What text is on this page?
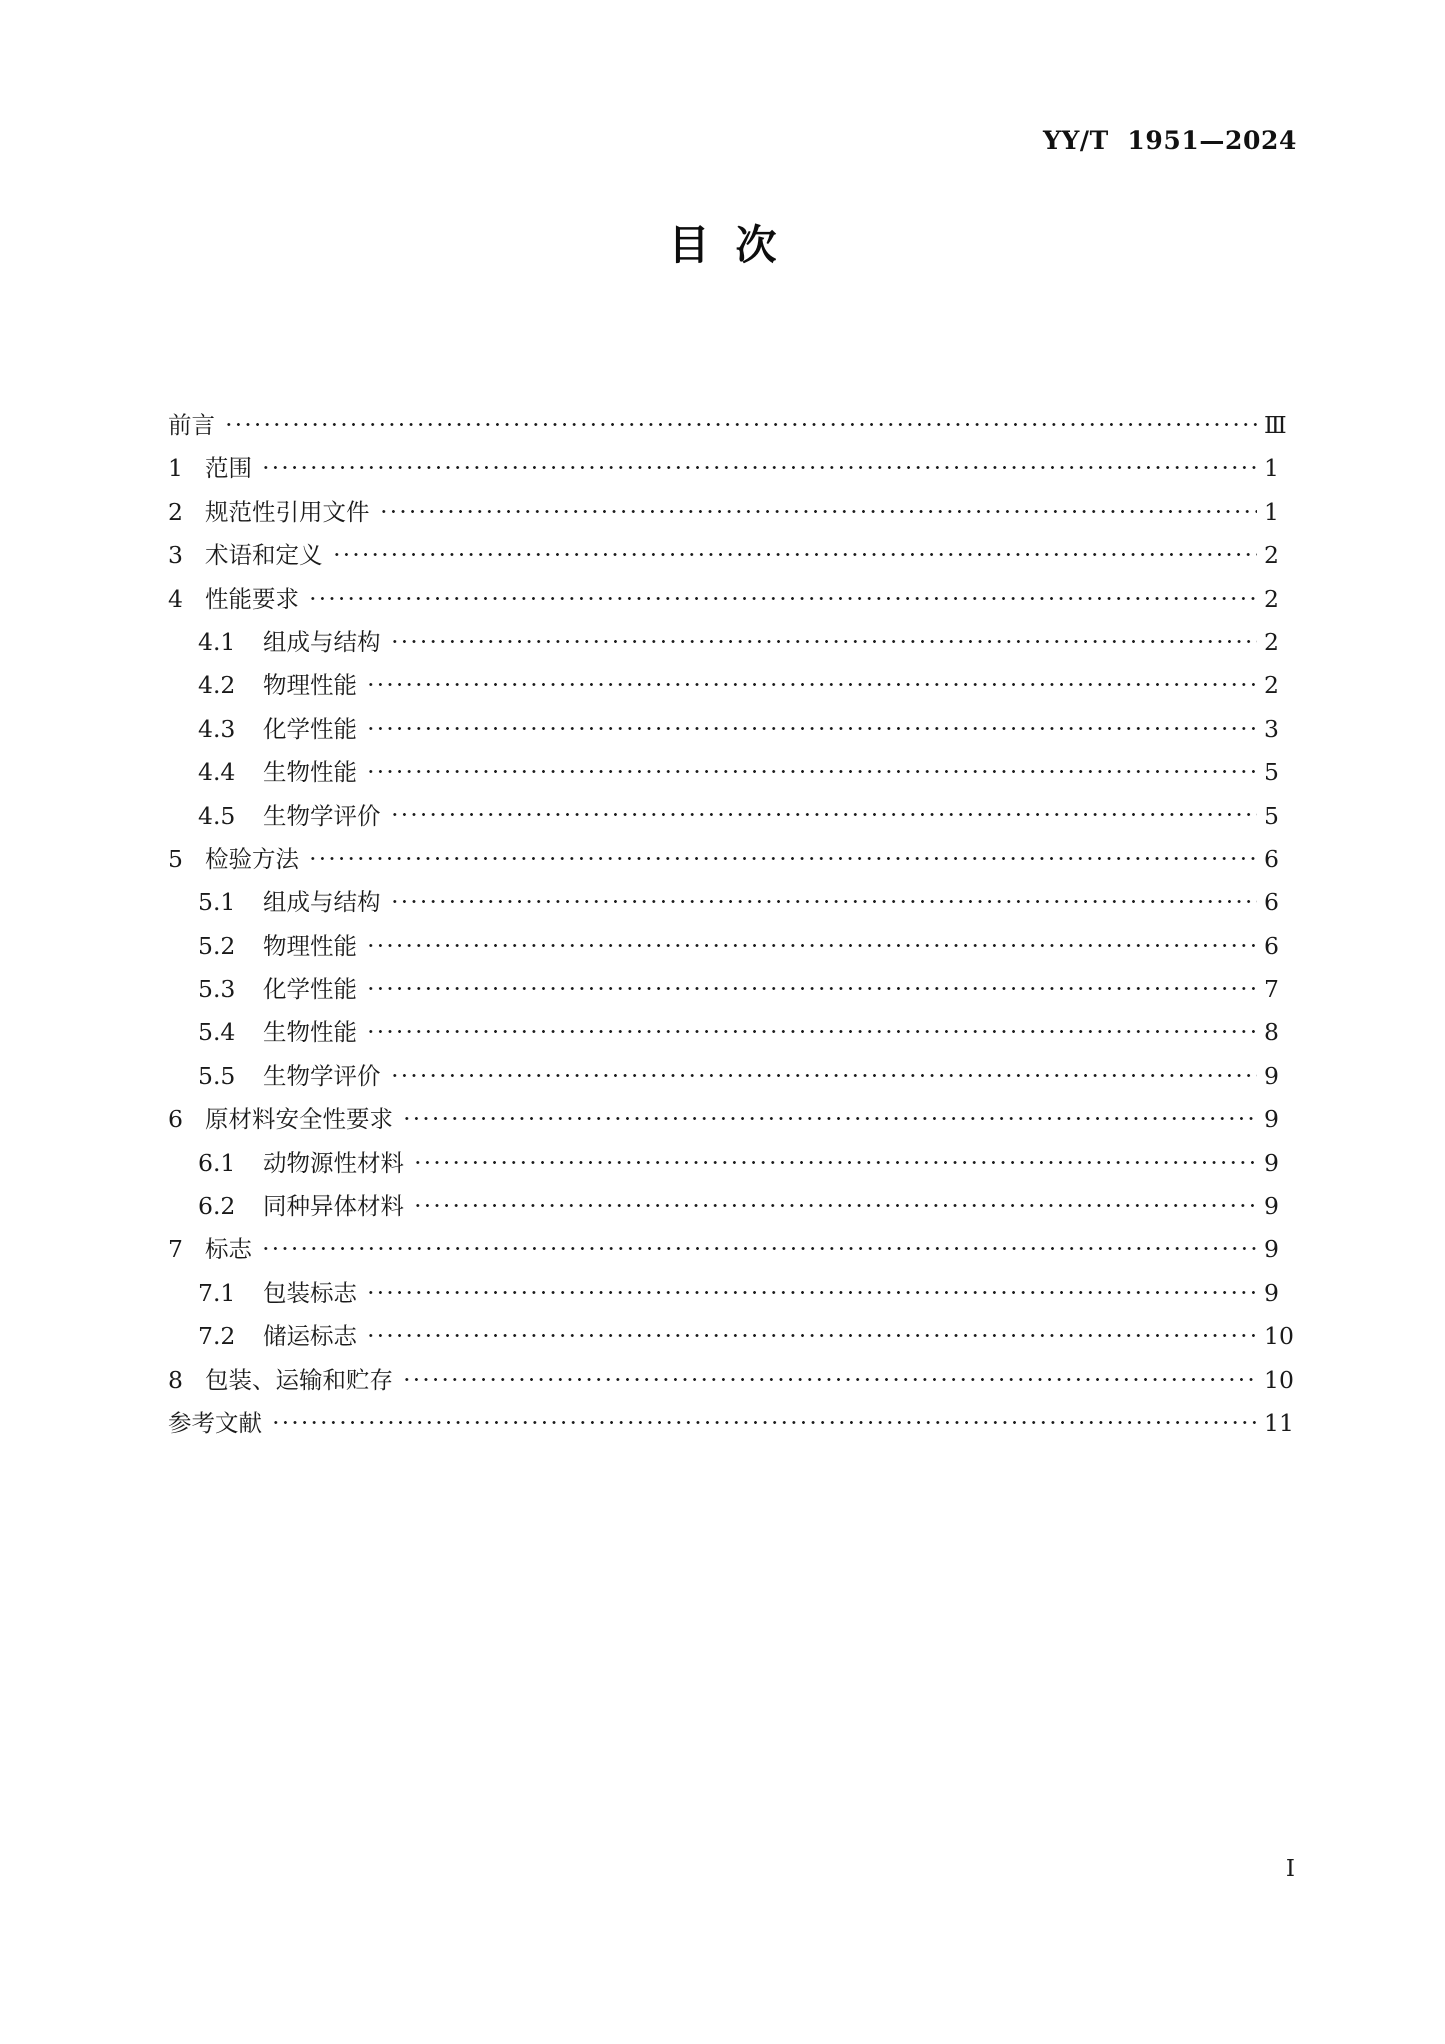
YY/T  1951—2024
目次
前言	Ⅲ
1 范围	1
2 规范性引用文件	1
3 术语和定义	2
4 性能要求	2
4.1	组成与结构	2
4.2	物理性能	2
4.3	化学性能	3
4.4	生物性能	5
4.5	生物学评价	5
5 检验方法	6
5.1	组成与结构	6
5.2	物理性能	6
5.3	化学性能	7
5.4	生物性能	8
5.5	生物学评价	9
6 原材料安全性要求	9
6.1	动物源性材料	9
6.2	同种异体材料	9
7 标志	9
7.1	包装标志	9
7.2	储运标志	10
8 包装、运输和贮存	10
参考文献	11
Ⅰ
